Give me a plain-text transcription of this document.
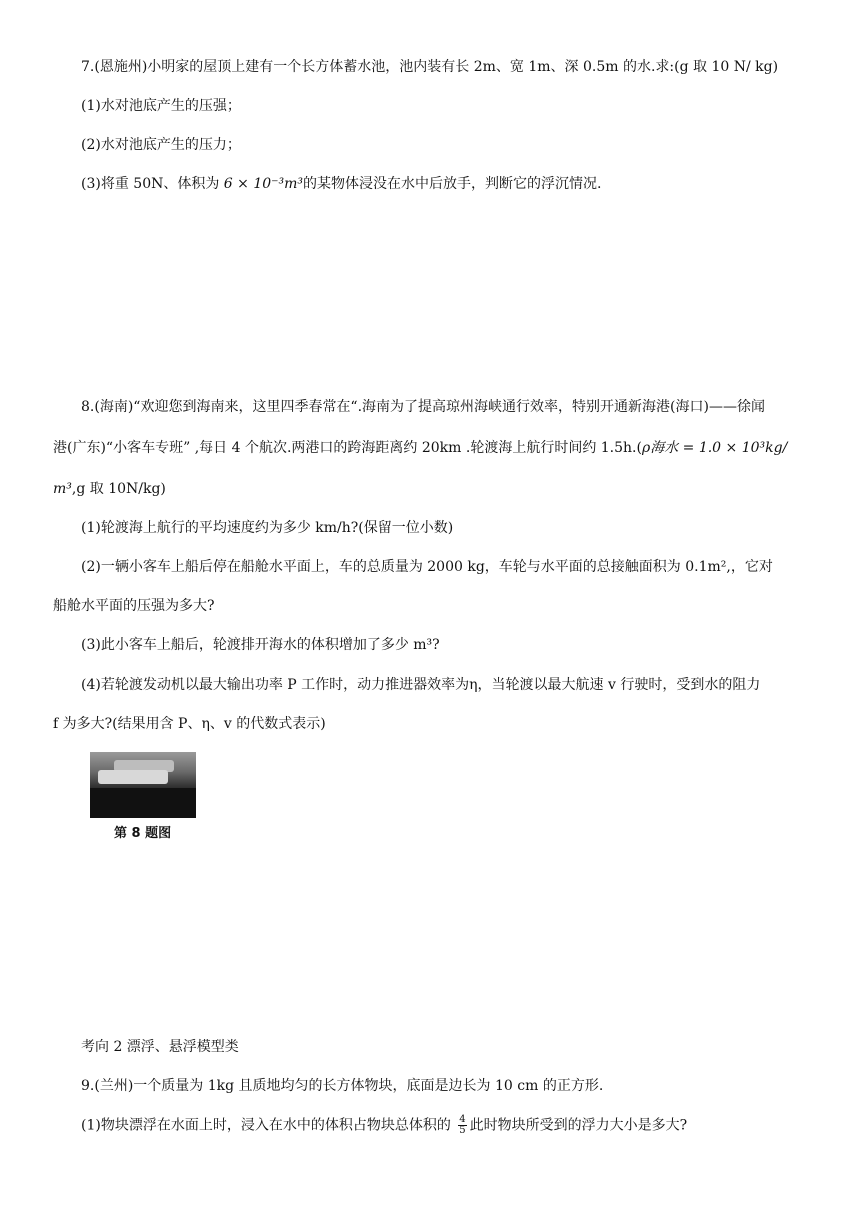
7.(恩施州)小明家的屋顶上建有一个长方体蓄水池，池内装有长 2m、宽 1m、深 0.5m 的水.求:(g 取 10 N/ kg)
(1)水对池底产生的压强；
(2)水对池底产生的压力；
(3)将重 50N、体积为 6 × 10⁻³m³的某物体浸没在水中后放手，判断它的浮沉情况.
8.(海南)“欢迎您到海南来，这里四季春常在“.海南为了提高琼州海峡通行效率，特别开通新海港(海口)——徐闻
港(广东)“小客车专班” ,每日 4 个航次.两港口的跨海距离约 20km .轮渡海上航行时间约 1.5h.(ρ海水 = 1.0 × 10³kg/
m³,g 取 10N/kg)
(1)轮渡海上航行的平均速度约为多少 km/h?(保留一位小数)
(2)一辆小客车上船后停在船舱水平面上，车的总质量为 2000 kg，车轮与水平面的总接触面积为 0.1m²,，它对
船舱水平面的压强为多大?
(3)此小客车上船后，轮渡排开海水的体积增加了多少 m³?
(4)若轮渡发动机以最大输出功率 P 工作时，动力推进器效率为η，当轮渡以最大航速 v 行驶时，受到水的阻力
f 为多大?(结果用含 P、η、v 的代数式表示)
第 8 题图
考向 2 漂浮、悬浮模型类
9.(兰州)一个质量为 1kg 且质地均匀的长方体物块，底面是边长为 10 cm 的正方形.
(1)物块漂浮在水面上时，浸入在水中的体积占物块总体积的 $\frac{4}{5}$ 此时物块所受到的浮力大小是多大?
